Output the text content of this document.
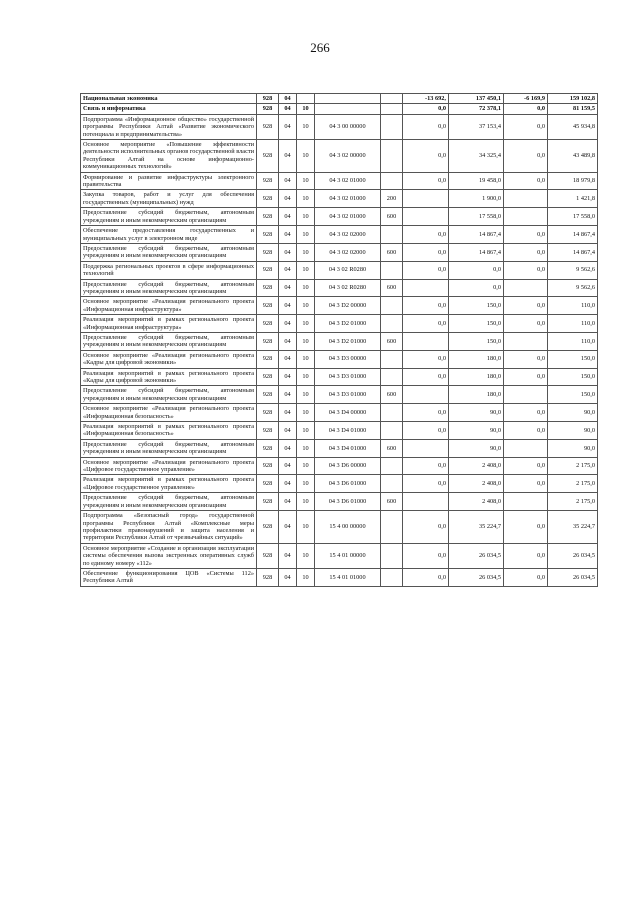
266
Национальная экономика	928	04				-13 692,	137 450,1	-6 169,9	159 102,8
Связь и информатика	928	04	10			0,0	72 378,1	0,0	81 159,5
Подпрограмма «Информационное общество» государственной программы Республики Алтай «Развитие экономического потенциала и предпринимательства»	928	04	10	04 3 00 00000		0,0	37 153,4	0,0	45 934,8
Основное мероприятие «Повышение эффективности деятельности исполнительных органов государственной власти Республики Алтай на основе информационно-коммуникационных технологий»	928	04	10	04 3 02 00000		0,0	34 325,4	0,0	43 489,8
Формирование и развитие инфраструктуры электронного правительства	928	04	10	04 3 02 01000		0,0	19 458,0	0,0	18 979,8
Закупка товаров, работ и услуг для обеспечения государственных (муниципальных) нужд	928	04	10	04 3 02 01000	200		1 900,0		1 421,8
Предоставление субсидий бюджетным, автономным учреждениям и иным некоммерческим организациям	928	04	10	04 3 02 01000	600		17 558,0		17 558,0
Обеспечение предоставления государственных и муниципальных услуг в электронном виде	928	04	10	04 3 02 02000		0,0	14 867,4	0,0	14 867,4
Предоставление субсидий бюджетным, автономным учреждениям и иным некоммерческим организациям	928	04	10	04 3 02 02000	600	0,0	14 867,4	0,0	14 867,4
Поддержка региональных проектов в сфере информационных технологий	928	04	10	04 3 02 R0280		0,0	0,0	0,0	9 562,6
Предоставление субсидий бюджетным, автономным учреждениям и иным некоммерческим организациям	928	04	10	04 3 02 R0280	600		0,0		9 562,6
Основное мероприятие «Реализация регионального проекта «Информационная инфраструктура»	928	04	10	04 3 D2 00000		0,0	150,0	0,0	110,0
Реализация мероприятий в рамках регионального проекта «Информационная инфраструктура»	928	04	10	04 3 D2 01000		0,0	150,0	0,0	110,0
Предоставление субсидий бюджетным, автономным учреждениям и иным некоммерческим организациям	928	04	10	04 3 D2 01000	600		150,0		110,0
Основное мероприятие «Реализация регионального проекта «Кадры для цифровой экономики»	928	04	10	04 3 D3 00000		0,0	180,0	0,0	150,0
Реализация мероприятий в рамках регионального проекта «Кадры для цифровой экономики»	928	04	10	04 3 D3 01000		0,0	180,0	0,0	150,0
Предоставление субсидий бюджетным, автономным учреждениям и иным некоммерческим организациям	928	04	10	04 3 D3 01000	600		180,0		150,0
Основное мероприятие «Реализация регионального проекта «Информационная безопасность»	928	04	10	04 3 D4 00000		0,0	90,0	0,0	90,0
Реализация мероприятий в рамках регионального проекта «Информационная безопасность»	928	04	10	04 3 D4 01000		0,0	90,0	0,0	90,0
Предоставление субсидий бюджетным, автономным учреждениям и иным некоммерческим организациям	928	04	10	04 3 D4 01000	600		90,0		90,0
Основное мероприятие «Реализация регионального проекта «Цифровое государственное управление»	928	04	10	04 3 D6 00000		0,0	2 408,0	0,0	2 175,0
Реализация мероприятий в рамках регионального проекта «Цифровое государственное управление»	928	04	10	04 3 D6 01000		0,0	2 408,0	0,0	2 175,0
Предоставление субсидий бюджетным, автономным учреждениям и иным некоммерческим организациям	928	04	10	04 3 D6 01000	600		2 408,0		2 175,0
Подпрограмма «Безопасный город» государственной программы Республики Алтай «Комплексные меры профилактики правонарушений и защита населения и территории Республики Алтай от чрезвычайных ситуаций»	928	04	10	15 4 00 00000		0,0	35 224,7	0,0	35 224,7
Основное мероприятие «Создание и организация эксплуатации системы обеспечения вызова экстренных оперативных служб по единому номеру «112»	928	04	10	15 4 01 00000		0,0	26 034,5	0,0	26 034,5
Обеспечение функционирования ЦОВ «Системы 112» Республики Алтай	928	04	10	15 4 01 01000		0,0	26 034,5	0,0	26 034,5
